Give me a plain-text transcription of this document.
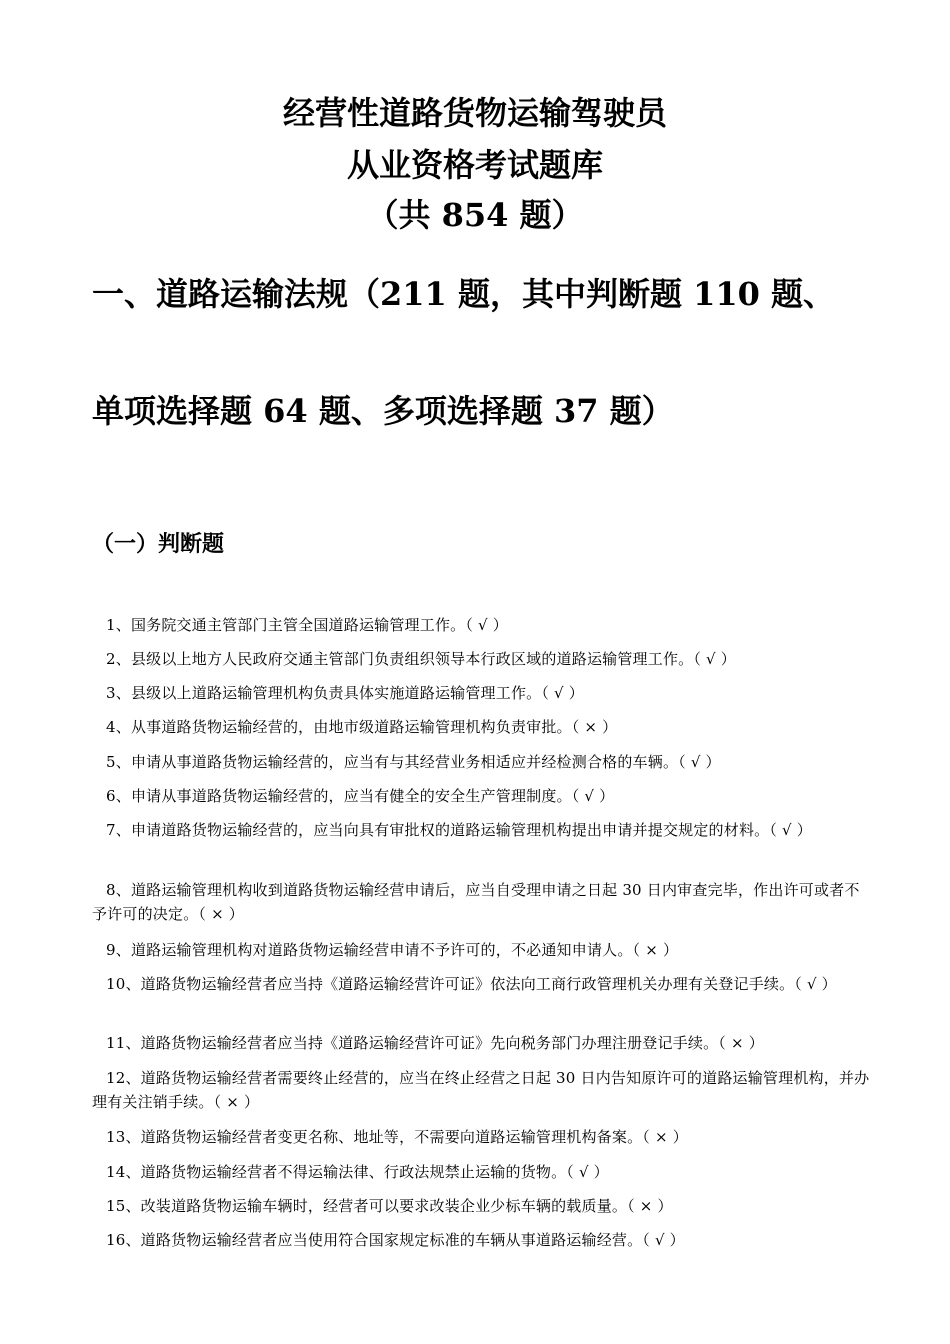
经营性道路货物运输驾驶员
从业资格考试题库
（共 854 题）
一、道路运输法规（211 题，其中判断题 110 题、
单项选择题 64 题、多项选择题 37 题）
（一）判断题
1、国务院交通主管部门主管全国道路运输管理工作。（ √ ）
2、县级以上地方人民政府交通主管部门负责组织领导本行政区域的道路运输管理工作。（ √ ）
3、县级以上道路运输管理机构负责具体实施道路运输管理工作。（ √ ）
4、从事道路货物运输经营的，由地市级道路运输管理机构负责审批。（ × ）
5、申请从事道路货物运输经营的，应当有与其经营业务相适应并经检测合格的车辆。（ √ ）
6、申请从事道路货物运输经营的，应当有健全的安全生产管理制度。（ √ ）
7、申请道路货物运输经营的，应当向具有审批权的道路运输管理机构提出申请并提交规定的材料。（ √ ）
8、道路运输管理机构收到道路货物运输经营申请后，应当自受理申请之日起 30 日内审查完毕，作出许可或者不予许可的决定。（ × ）
9、道路运输管理机构对道路货物运输经营申请不予许可的，不必通知申请人。（ × ）
10、道路货物运输经营者应当持《道路运输经营许可证》依法向工商行政管理机关办理有关登记手续。（ √ ）
11、道路货物运输经营者应当持《道路运输经营许可证》先向税务部门办理注册登记手续。（ × ）
12、道路货物运输经营者需要终止经营的，应当在终止经营之日起 30 日内告知原许可的道路运输管理机构，并办理有关注销手续。（ × ）
13、道路货物运输经营者变更名称、地址等，不需要向道路运输管理机构备案。（ × ）
14、道路货物运输经营者不得运输法律、行政法规禁止运输的货物。（ √ ）
15、改装道路货物运输车辆时，经营者可以要求改装企业少标车辆的载质量。（ × ）
16、道路货物运输经营者应当使用符合国家规定标准的车辆从事道路运输经营。（ √ ）
